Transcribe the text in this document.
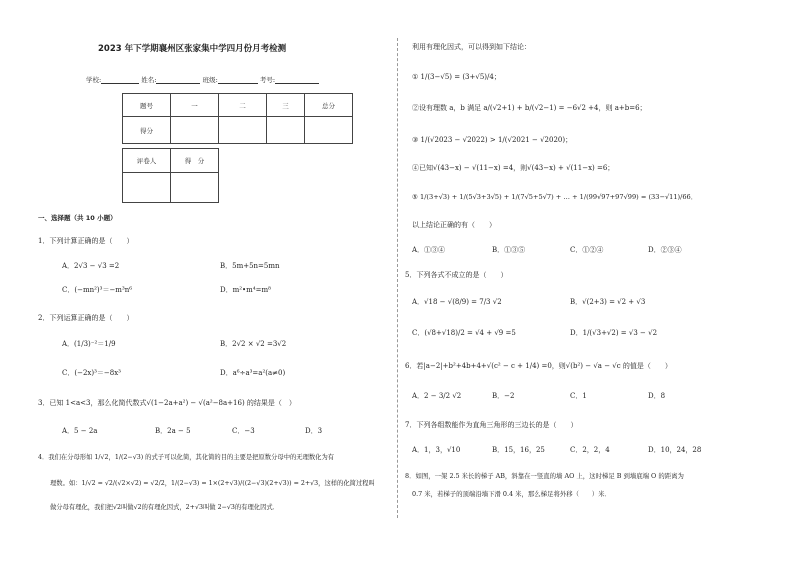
2023 年下学期襄州区张家集中学四月份月考检测
学校:	姓名:	班级:	考号:
题号	一	二	三	总分
得分				
评卷人	得　分

一、选择题（共 10 小题）
1．下列计算正确的是（　　）
A．2√3 − √3 =2	B．5m+5n=5mn
C．(−mn²)³＝−m³n⁶	D．m²•m⁴=m⁸
2．下列运算正确的是（　　）
A．(1/3)⁻²＝1/9	B．2√2 × √2 =3√2
C．(−2x)³＝−8x³	D．a⁶÷a³=a²(a≠0)
3．已知 1<a<3，那么化简代数式√(1−2a+a²) − √(a²−8a+16) 的结果是（　）
A．5 − 2a	B．2a − 5	C．−3	D．3
4．我们在分母形如 1/√2，1/(2−√3) 的式子可以化简，其化简的目的主要是把原数分母中的无理数化为有
理数。如：1/√2 = √2/(√2×√2) = √2/2，1/(2−√3) = 1×(2+√3)/((2−√3)(2+√3)) = 2+√3，这样的化简过程叫
做分母有理化，我们把√2叫做√2的有理化因式，2+√3叫做 2−√3的有理化因式．
利用有理化因式，可以得到如下结论：
① 1/(3−√5) = (3+√5)/4；
②设有理数 a，b 满足 a/(√2+1) + b/(√2−1) = −6√2 +4，则 a+b=6；
③ 1/(√2023 − √2022) > 1/(√2021 − √2020)；
④已知√(43−x) − √(11−x) =4，则√(43−x) + √(11−x) =6；
⑤ 1/(3+√3) + 1/(5√3+3√5) + 1/(7√5+5√7) + … + 1/(99√97+97√99) = (33−√11)/66．
以上结论正确的有（　　）
A．①③④	B．①③⑤	C．①②④	D．②③④
5．下列各式不成立的是（　　）
A．√18 − √(8/9) = 7/3 √2	B．√(2+3) = √2 + √3
C．(√8+√18)/2 = √4 + √9 =5	D．1/(√3+√2) = √3 − √2
6．若|a−2|+b²+4b+4+√(c² − c + 1/4) =0，则√(b²) − √a − √c 的值是（　　）
A．2 − 3/2 √2	B．−2	C．1	D．8
7．下列各组数能作为直角三角形的三边长的是（　　）
A．1，3，√10	B．15，16，25	C．2，2，4	D．10，24，28
8．如图，一架 2.5 米长的梯子 AB，斜靠在一竖直的墙 AO 上，这时梯足 B 到墙底端 O 的距离为
0.7 米，若梯子的顶端沿墙下滑 0.4 米，那么梯足将外移（　　）米．
